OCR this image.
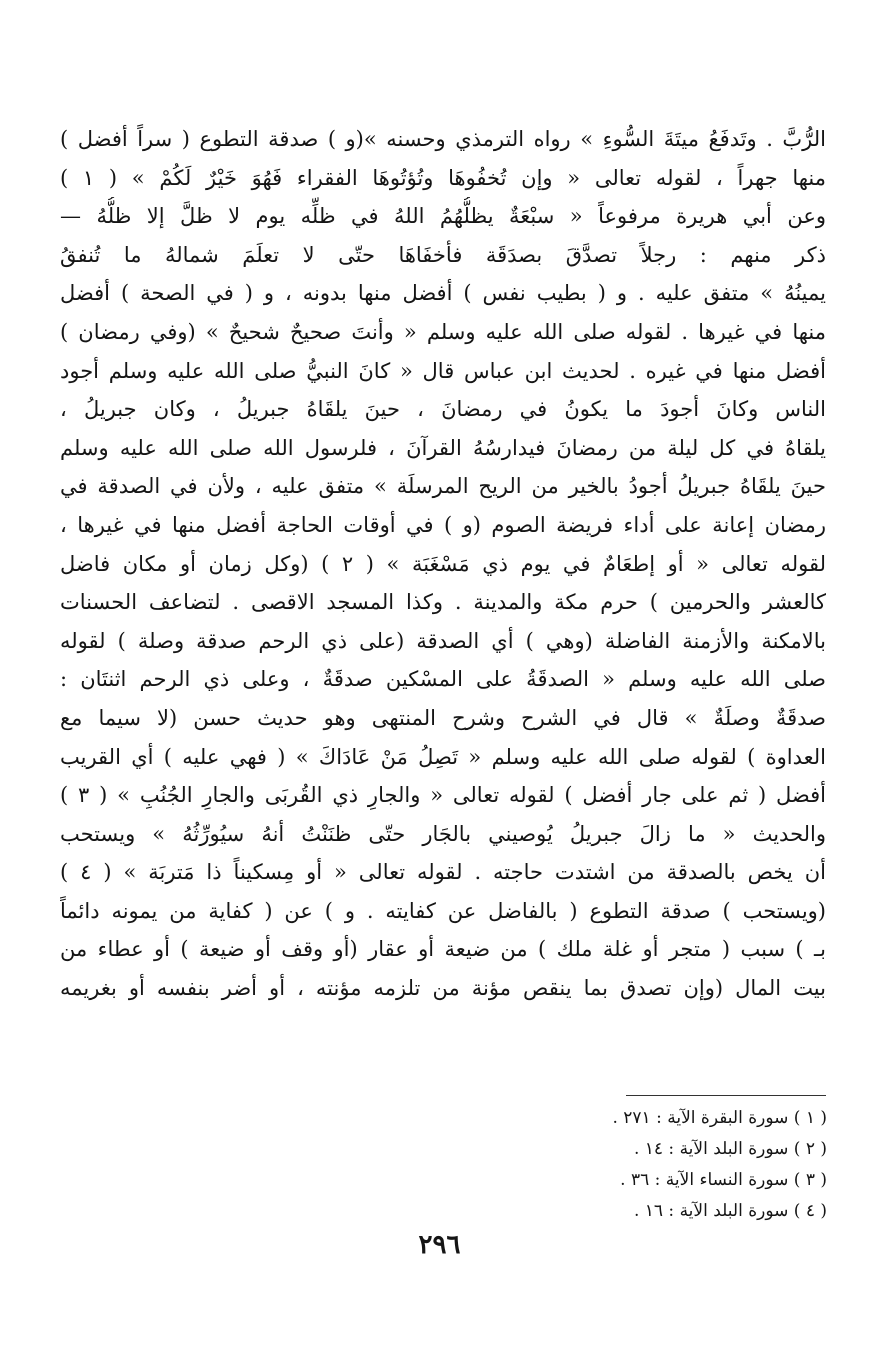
الرُّبَّ . وتَدفَعُ ميتَةَ السُّوءِ » رواه الترمذي وحسنه »(و ) صدقة التطوع ( سراً أفضل )
منها جهراً ، لقوله تعالى « وإن تُخفُوهَا وتُؤتُوهَا الفقراء فَهُوَ خَيْرٌ لَكُمْ » ( ١ )
وعن أبي هريرة مرفوعاً « سبْعَةٌ يظلُّهُمُ اللهُ في ظلِّه يوم لا ظلَّ إلا ظلُّهُ —
ذكر منهم : رجلاً تصدَّقَ بصدَقَة فأخفَاهَا حتّى لا تعلَمَ شمالهُ ما تُنفقُ
يمينُهُ » متفق عليه . و ( بطيب نفس ) أفضل منها بدونه ، و ( في الصحة ) أفضل
منها في غيرها . لقوله صلى الله عليه وسلم « وأنتَ صحيحٌ شحيحٌ » (وفي رمضان )
أفضل منها في غيره . لحديث ابن عباس قال « كانَ النبيُّ صلى الله عليه وسلم أجود
الناس وكانَ أجودَ ما يكونُ في رمضانَ ، حينَ يلقَاهُ جبريلُ ، وكان جبريلُ ،
يلقاهُ في كل ليلة من رمضانَ فيدارسُهُ القرآنَ ، فلرسول الله صلى الله عليه وسلم
حينَ يلقَاهُ جبريلُ أجودُ بالخير من الريح المرسلَة » متفق عليه ، ولأن في الصدقة في
رمضان إعانة على أداء فريضة الصوم (و ) في أوقات الحاجة أفضل منها في غيرها ،
لقوله تعالى « أو إطعَامٌ في يوم ذي مَسْغَبَة » ( ٢ ) (وكل زمان أو مكان فاضل
كالعشر والحرمين ) حرم مكة والمدينة . وكذا المسجد الاقصى . لتضاعف الحسنات
بالامكنة والأزمنة الفاضلة (وهي ) أي الصدقة (على ذي الرحم صدقة وصلة ) لقوله
صلى الله عليه وسلم « الصدقَةُ على المسْكين صدقَةٌ ، وعلى ذي الرحم اثنتَان :
صدقَةٌ وصلَةٌ » قال في الشرح وشرح المنتهى وهو حديث حسن (لا سيما مع
العداوة ) لقوله صلى الله عليه وسلم « تَصِلُ مَنْ عَادَاكَ » ( فهي عليه ) أي القريب
أفضل ( ثم على جار أفضل ) لقوله تعالى « والجارِ ذي القُربَى والجارِ الجُنُبِ » ( ٣ )
والحديث « ما زالَ جبريلُ يُوصيني بالجَار حتّى ظنَنْتُ أنهُ سيُورِّثُهُ » ويستحب
أن يخص بالصدقة من اشتدت حاجته . لقوله تعالى « أو مِسكيناً ذا مَتربَة » ( ٤ )
(ويستحب ) صدقة التطوع ( بالفاضل عن كفايته . و ) عن ( كفاية من يمونه دائماً
بـ ) سبب ( متجر أو غلة ملك ) من ضيعة أو عقار (أو وقف أو ضيعة ) أو عطاء من
بيت المال (وإن تصدق بما ينقص مؤنة من تلزمه مؤنته ، أو أضر بنفسه أو بغريمه
( ١ ) سورة البقرة الآية : ٢٧١ .
( ٢ ) سورة البلد الآية : ١٤ .
( ٣ ) سورة النساء الآية : ٣٦ .
( ٤ ) سورة البلد الآية : ١٦ .
٢٩٦
